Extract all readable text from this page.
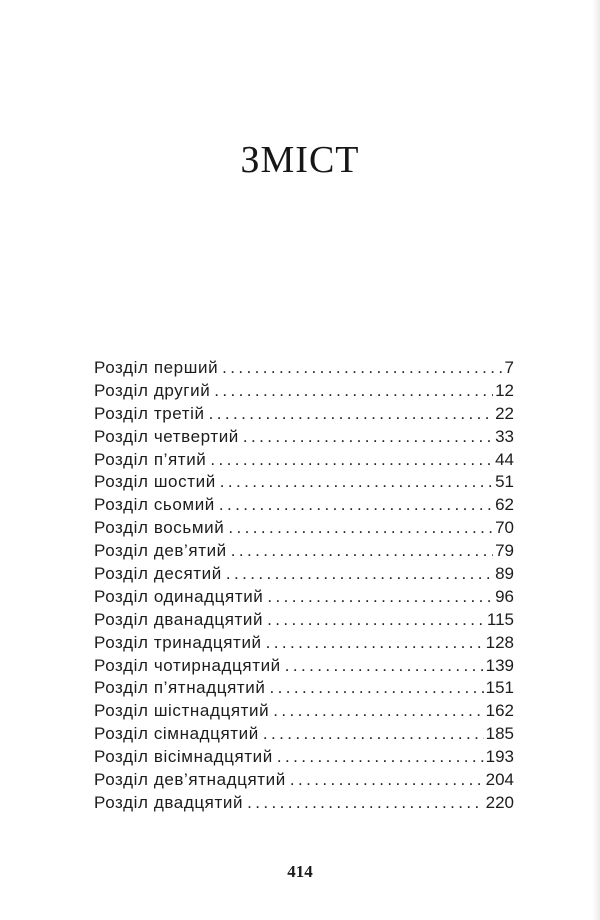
ЗМІСТ
Розділ перший .....	7
Розділ другий .....	12
Розділ третій .....	22
Розділ четвертий .....	33
Розділ п’ятий .....	44
Розділ шостий .....	51
Розділ сьомий .....	62
Розділ восьмий .....	70
Розділ дев’ятий .....	79
Розділ десятий .....	89
Розділ одинадцятий .....	96
Розділ дванадцятий .....	115
Розділ тринадцятий .....	128
Розділ чотирнадцятий .....	139
Розділ п’ятнадцятий .....	151
Розділ шістнадцятий .....	162
Розділ сімнадцятий .....	185
Розділ вісімнадцятий .....	193
Розділ дев’ятнадцятий .....	204
Розділ двадцятий .....	220
414
